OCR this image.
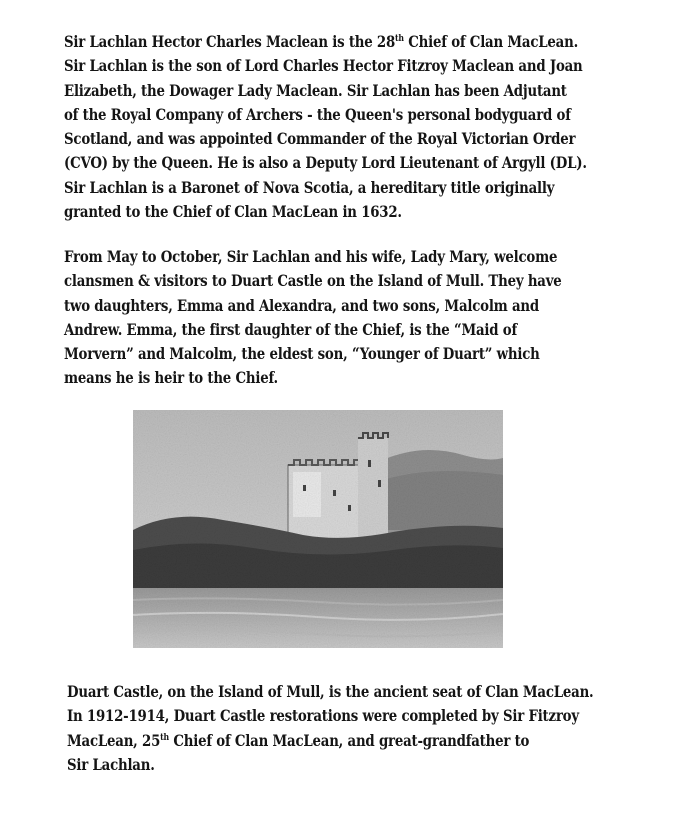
Sir Lachlan Hector Charles Maclean is the 28th Chief of Clan MacLean.
Sir Lachlan is the son of Lord Charles Hector Fitzroy Maclean and Joan
Elizabeth, the Dowager Lady Maclean. Sir Lachlan has been Adjutant
of the Royal Company of Archers - the Queen's personal bodyguard of
Scotland, and was appointed Commander of the Royal Victorian Order
(CVO) by the Queen. He is also a Deputy Lord Lieutenant of Argyll (DL).
Sir Lachlan is a Baronet of Nova Scotia, a hereditary title originally
granted to the Chief of Clan MacLean in 1632.

From May to October, Sir Lachlan and his wife, Lady Mary, welcome
clansmen & visitors to Duart Castle on the Island of Mull. They have
two daughters, Emma and Alexandra, and two sons, Malcolm and
Andrew. Emma, the first daughter of the Chief, is the “Maid of
Morvern” and Malcolm, the eldest son, “Younger of Duart” which
means he is heir to the Chief.

Duart Castle, on the Island of Mull, is the ancient seat of Clan MacLean.
In 1912-1914, Duart Castle restorations were completed by Sir Fitzroy
MacLean, 25th Chief of Clan MacLean, and great-grandfather to
Sir Lachlan.
